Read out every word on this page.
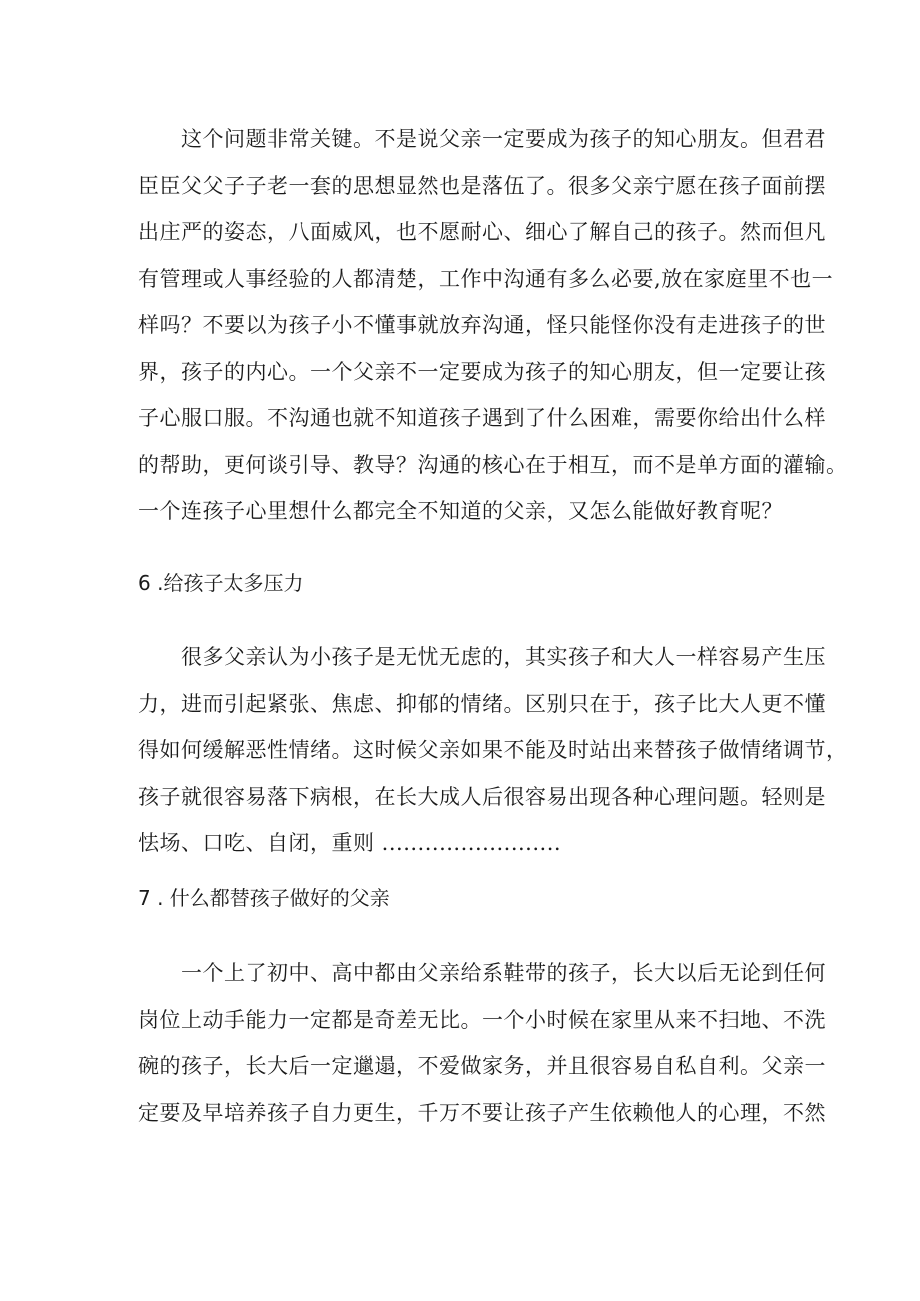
　　这个问题非常关键。不是说父亲一定要成为孩子的知心朋友。但君君
臣臣父父子子老一套的思想显然也是落伍了。很多父亲宁愿在孩子面前摆
出庄严的姿态，八面威风，也不愿耐心、细心了解自己的孩子。然而但凡
有管理或人事经验的人都清楚，工作中沟通有多么必要,放在家庭里不也一
样吗？不要以为孩子小不懂事就放弃沟通，怪只能怪你没有走进孩子的世
界，孩子的内心。一个父亲不一定要成为孩子的知心朋友，但一定要让孩
子心服口服。不沟通也就不知道孩子遇到了什么困难，需要你给出什么样
的帮助，更何谈引导、教导？沟通的核心在于相互，而不是单方面的灌输。
一个连孩子心里想什么都完全不知道的父亲，又怎么能做好教育呢？
6 .给孩子太多压力
　　很多父亲认为小孩子是无忧无虑的，其实孩子和大人一样容易产生压
力，进而引起紧张、焦虑、抑郁的情绪。区别只在于，孩子比大人更不懂
得如何缓解恶性情绪。这时候父亲如果不能及时站出来替孩子做情绪调节，
孩子就很容易落下病根，在长大成人后很容易出现各种心理问题。轻则是
怯场、口吃、自闭，重则 .........................
7 . 什么都替孩子做好的父亲
　　一个上了初中、高中都由父亲给系鞋带的孩子，长大以后无论到任何
岗位上动手能力一定都是奇差无比。一个小时候在家里从来不扫地、不洗
碗的孩子，长大后一定邋遢，不爱做家务，并且很容易自私自利。父亲一
定要及早培养孩子自力更生，千万不要让孩子产生依赖他人的心理，不然
